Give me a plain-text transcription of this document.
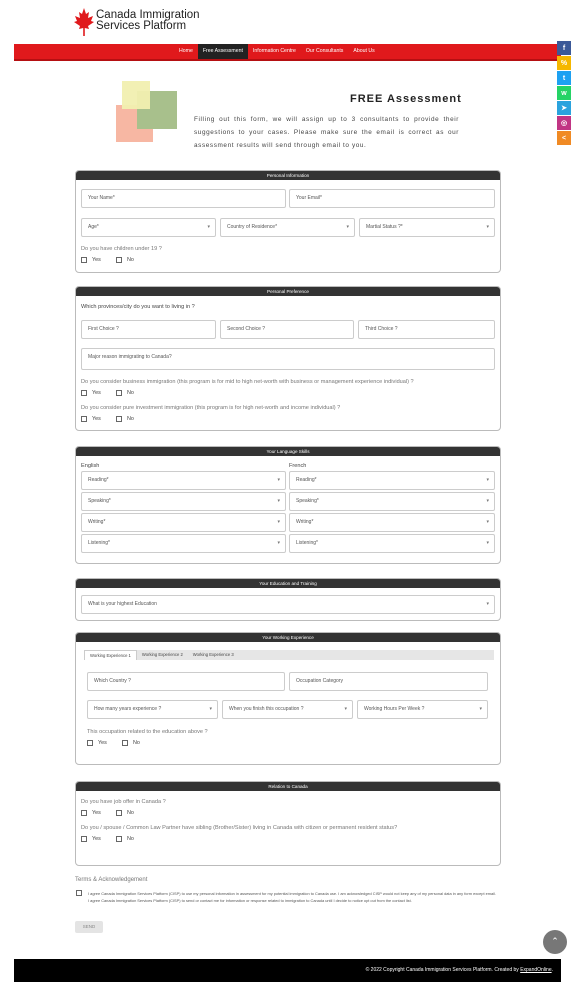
Canada Immigration
Services Platform
Home	Free Assessment	Information Centre	Our Consultants	About Us	f
%
t
w
➤
◎
<
FREE Assessment
Filling out this form, we will assign up to 3 consultants to provide their suggestions to your cases. Please make sure the email is correct as our assessment results will send through email to you.
Personal Information
Your Name*	Your Email*
Age* ▾	Country of Residence* ▾	Martial Status ?* ▾
Do you have children under 19 ?
Yes	No
Personal Preference
Which provinces/city do you want to living in ?
First Choice ?	Second Choice ?	Third Choice ?
Major reason immigrating to Canada?
Do you consider business immigration (this program is for mid to high net-worth with business or management experience individual) ?
Yes	No
Do you consider pure investment immigration (this program is for high net-worth and income individual) ?
Yes	No
Your Language Skills
English	French
Reading* ▾	Reading* ▾
Speaking* ▾	Speaking* ▾
Writing* ▾	Writing* ▾
Listening* ▾	Listening* ▾
Your Education and Training
What is your highest Education ▾
Your Working Experience
Working Experience 1	Working Experience 2	Working Experience 3
Which Country ?	Occupation Category
How many years experience ? ▾	When you finish this occupation ? ▾	Working Hours Per Week ? ▾
This occupation related to the education above ?
Yes	No
Relation to Canada
Do you have job offer in Canada ?
Yes	No
Do you / spouse / Common Law Partner have sibling (Brother/Sister) living in Canada with citizen or permanent resident status?
Yes	No
Terms & Acknowledgement
I agree Canada Immigration Services Platform (CISP) to use my personal information in assessment for my potential immigration to Canada use. I am acknowledged CISP would not keep any of my personal data in any form except email. I agree Canada Immigration Services Platform (CISP) to send or contact me for information or response related to immigration to Canada until I decide to notice opt out from the contact list.
SEND
⌃
© 2022 Copyright Canada Immigration Services Platform. Created by ExpandOnline.
